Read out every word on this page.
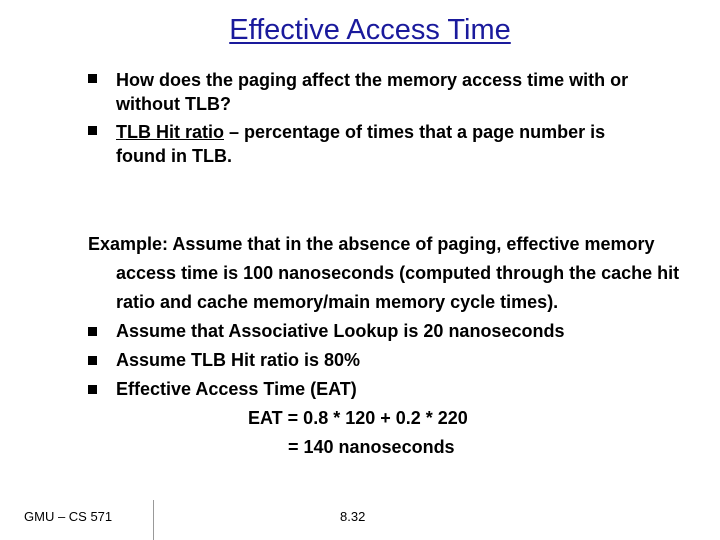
Effective Access Time
How does the paging affect the memory access time with or without TLB?
TLB Hit ratio – percentage of times that a page number is found in TLB.
Example: Assume that in the absence of paging, effective memory access time is 100 nanoseconds (computed through the cache hit ratio and cache memory/main memory cycle times).
Assume that Associative Lookup is 20 nanoseconds
Assume TLB Hit ratio is 80%
Effective Access Time (EAT)
EAT = 0.8 * 120 + 0.2 * 220
= 140 nanoseconds
GMU – CS 571	8.32
